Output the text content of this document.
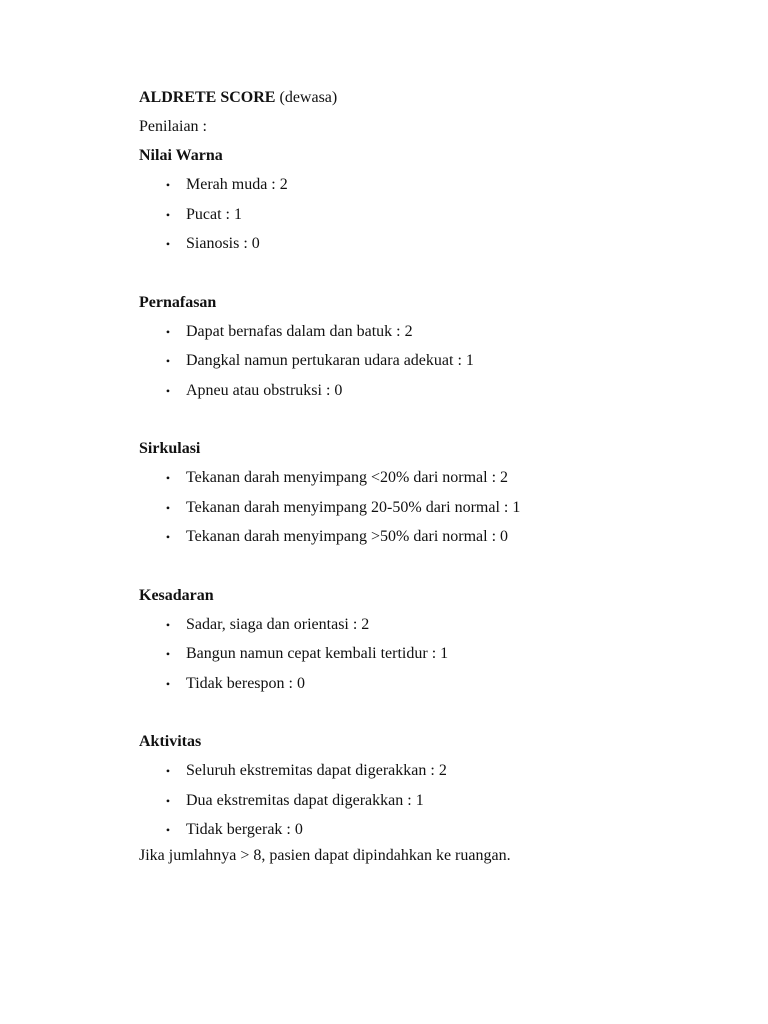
ALDRETE SCORE (dewasa)
Penilaian :
Nilai Warna
• Merah muda : 2
• Pucat : 1
• Sianosis : 0
Pernafasan
• Dapat bernafas dalam dan batuk : 2
• Dangkal namun pertukaran udara adekuat : 1
• Apneu atau obstruksi : 0
Sirkulasi
• Tekanan darah menyimpang <20% dari normal : 2
• Tekanan darah menyimpang 20-50% dari normal : 1
• Tekanan darah menyimpang >50% dari normal : 0
Kesadaran
• Sadar, siaga dan orientasi : 2
• Bangun namun cepat kembali tertidur : 1
• Tidak berespon : 0
Aktivitas
• Seluruh ekstremitas dapat digerakkan : 2
• Dua ekstremitas dapat digerakkan : 1
• Tidak bergerak : 0
Jika jumlahnya > 8, pasien dapat dipindahkan ke ruangan.
